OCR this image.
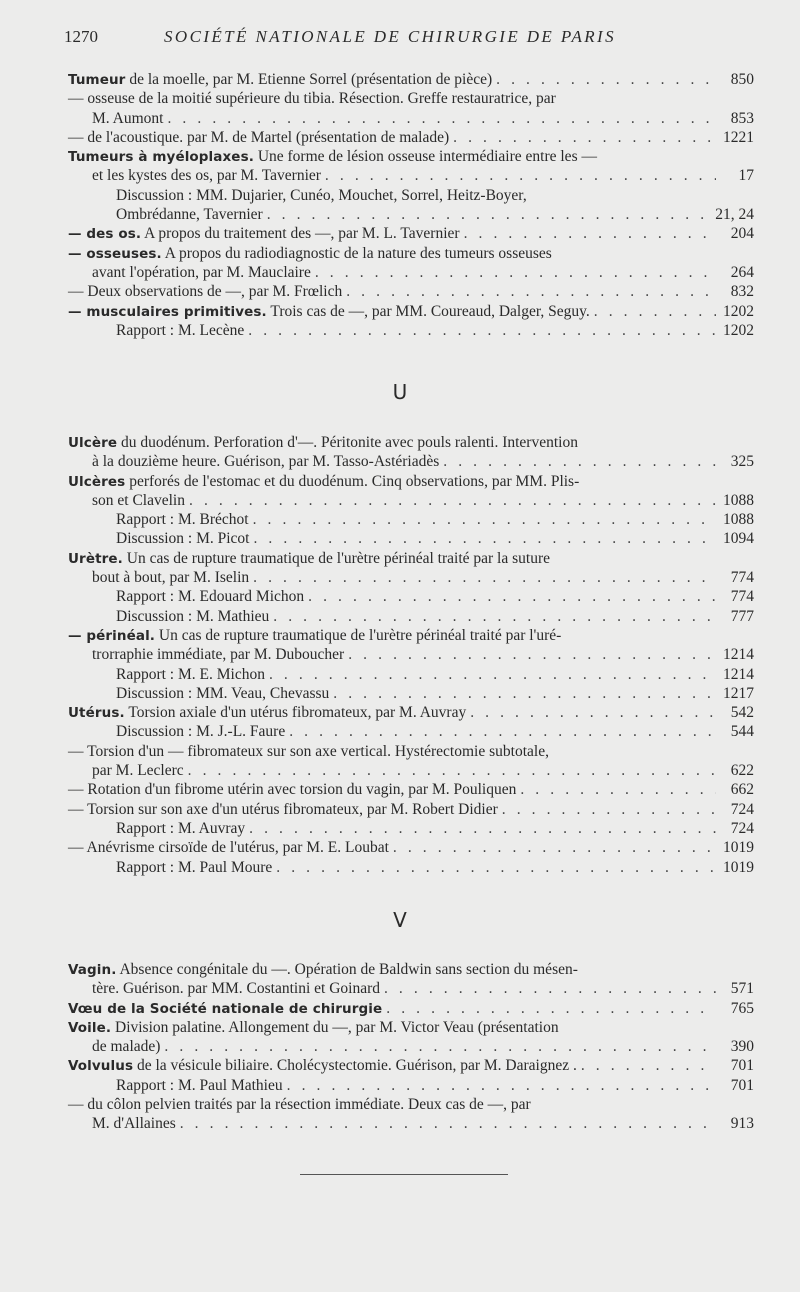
1270	SOCIÉTÉ NATIONALE DE CHIRURGIE DE PARIS
Tumeur de la moelle, par M. Etienne Sorrel (présentation de pièce) . . .	850
— osseuse de la moitié supérieure du tibia. Résection. Greffe restauratrice, par
M. Aumont . . .	853
— de l'acoustique. par M. de Martel (présentation de malade) . . .	1221
Tumeurs à myéloplaxes. Une forme de lésion osseuse intermédiaire entre les —
et les kystes des os, par M. Tavernier . . .	17
Discussion : MM. Dujarier, Cunéo, Mouchet, Sorrel, Heitz-Boyer,
Ombrédanne, Tavernier . . .	21, 24
— des os. A propos du traitement des —, par M. L. Tavernier . . .	204
— osseuses. A propos du radiodiagnostic de la nature des tumeurs osseuses
avant l'opération, par M. Mauclaire . . .	264
— Deux observations de —, par M. Frœlich . . .	832
— musculaires primitives. Trois cas de —, par MM. Coureaud, Dalger, Seguy. . . .	1202
Rapport : M. Lecène . . .	1202
U
Ulcère du duodénum. Perforation d'—. Péritonite avec pouls ralenti. Intervention
à la douzième heure. Guérison, par M. Tasso-Astériadès . . .	325
Ulcères perforés de l'estomac et du duodénum. Cinq observations, par MM. Plis-
son et Clavelin . . .	1088
Rapport : M. Bréchot . . .	1088
Discussion : M. Picot . . .	1094
Urètre. Un cas de rupture traumatique de l'urètre périnéal traité par la suture
bout à bout, par M. Iselin . . .	774
Rapport : M. Edouard Michon . . .	774
Discussion : M. Mathieu . . .	777
— périnéal. Un cas de rupture traumatique de l'urètre périnéal traité par l'uré-
trorraphie immédiate, par M. Duboucher . . .	1214
Rapport : M. E. Michon . . .	1214
Discussion : MM. Veau, Chevassu . . .	1217
Utérus. Torsion axiale d'un utérus fibromateux, par M. Auvray . . .	542
Discussion : M. J.-L. Faure . . .	544
— Torsion d'un — fibromateux sur son axe vertical. Hystérectomie subtotale,
par M. Leclerc . . .	622
— Rotation d'un fibrome utérin avec torsion du vagin, par M. Pouliquen . . .	662
— Torsion sur son axe d'un utérus fibromateux, par M. Robert Didier . . .	724
Rapport : M. Auvray . . .	724
— Anévrisme cirsoïde de l'utérus, par M. E. Loubat . . .	1019
Rapport : M. Paul Moure . . .	1019
V
Vagin. Absence congénitale du —. Opération de Baldwin sans section du mésen-
tère. Guérison. par MM. Costantini et Goinard . . .	571
Vœu de la Société nationale de chirurgie . . .	765
Voile. Division palatine. Allongement du —, par M. Victor Veau (présentation
de malade) . . .	390
Volvulus de la vésicule biliaire. Cholécystectomie. Guérison, par M. Daraignez . . . .	701
Rapport : M. Paul Mathieu . . .	701
— du côlon pelvien traités par la résection immédiate. Deux cas de —, par
M. d'Allaines . . .	913
